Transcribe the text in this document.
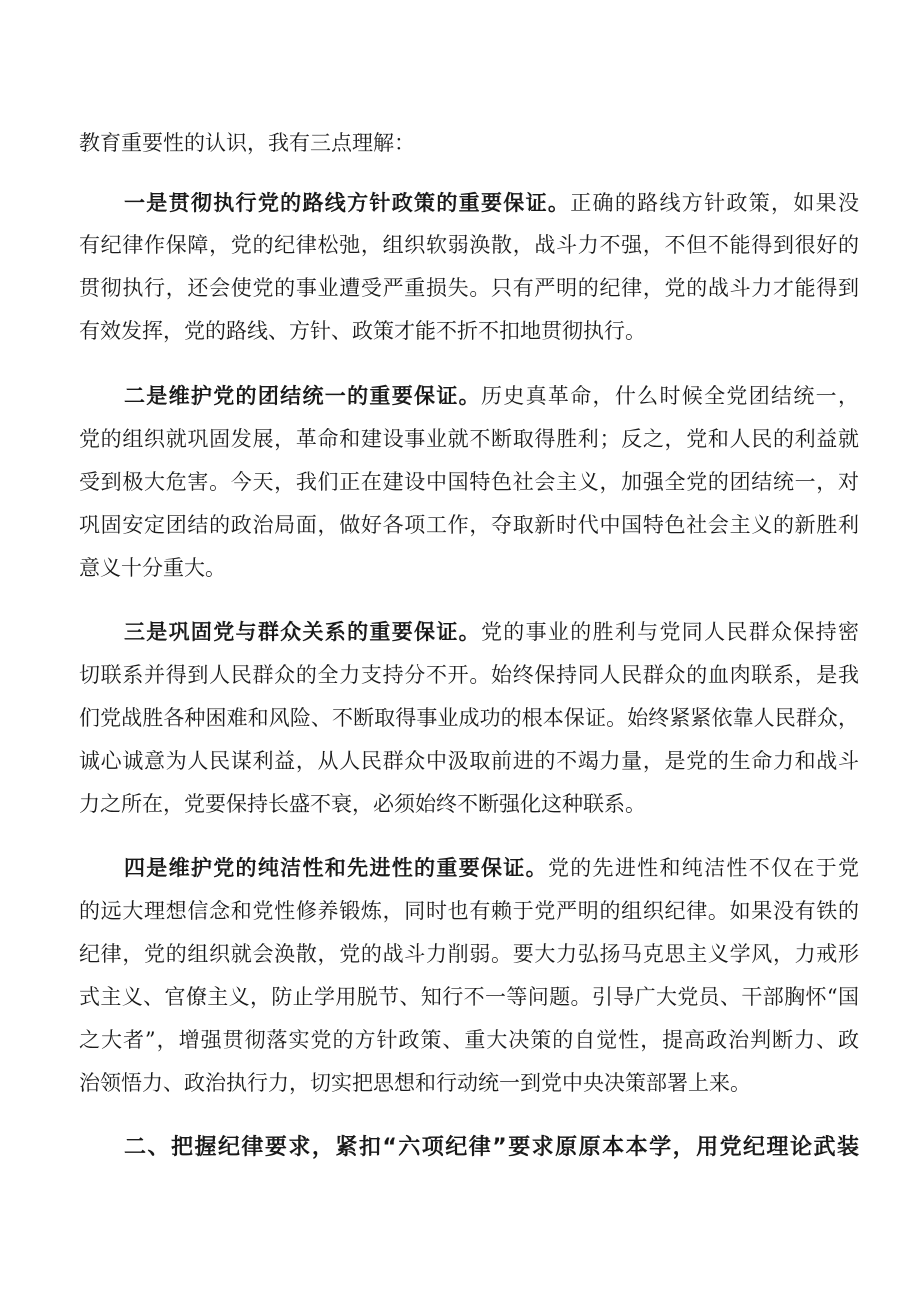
教育重要性的认识，我有三点理解：
一是贯彻执行党的路线方针政策的重要保证。正确的路线方针政策，如果没
有纪律作保障，党的纪律松弛，组织软弱涣散，战斗力不强，不但不能得到很好的
贯彻执行，还会使党的事业遭受严重损失。只有严明的纪律，党的战斗力才能得到
有效发挥，党的路线、方针、政策才能不折不扣地贯彻执行。
二是维护党的团结统一的重要保证。历史真革命，什么时候全党团结统一，
党的组织就巩固发展，革命和建设事业就不断取得胜利；反之，党和人民的利益就
受到极大危害。今天，我们正在建设中国特色社会主义，加强全党的团结统一，对
巩固安定团结的政治局面，做好各项工作，夺取新时代中国特色社会主义的新胜利
意义十分重大。
三是巩固党与群众关系的重要保证。党的事业的胜利与党同人民群众保持密
切联系并得到人民群众的全力支持分不开。始终保持同人民群众的血肉联系，是我
们党战胜各种困难和风险、不断取得事业成功的根本保证。始终紧紧依靠人民群众，
诚心诚意为人民谋利益，从人民群众中汲取前进的不竭力量，是党的生命力和战斗
力之所在，党要保持长盛不衰，必须始终不断强化这种联系。
四是维护党的纯洁性和先进性的重要保证。党的先进性和纯洁性不仅在于党
的远大理想信念和党性修养锻炼，同时也有赖于党严明的组织纪律。如果没有铁的
纪律，党的组织就会涣散，党的战斗力削弱。要大力弘扬马克思主义学风，力戒形
式主义、官僚主义，防止学用脱节、知行不一等问题。引导广大党员、干部胸怀“国
之大者”，增强贯彻落实党的方针政策、重大决策的自觉性，提高政治判断力、政
治领悟力、政治执行力，切实把思想和行动统一到党中央决策部署上来。
二、把握纪律要求，紧扣“六项纪律”要求原原本本学，用党纪理论武装
